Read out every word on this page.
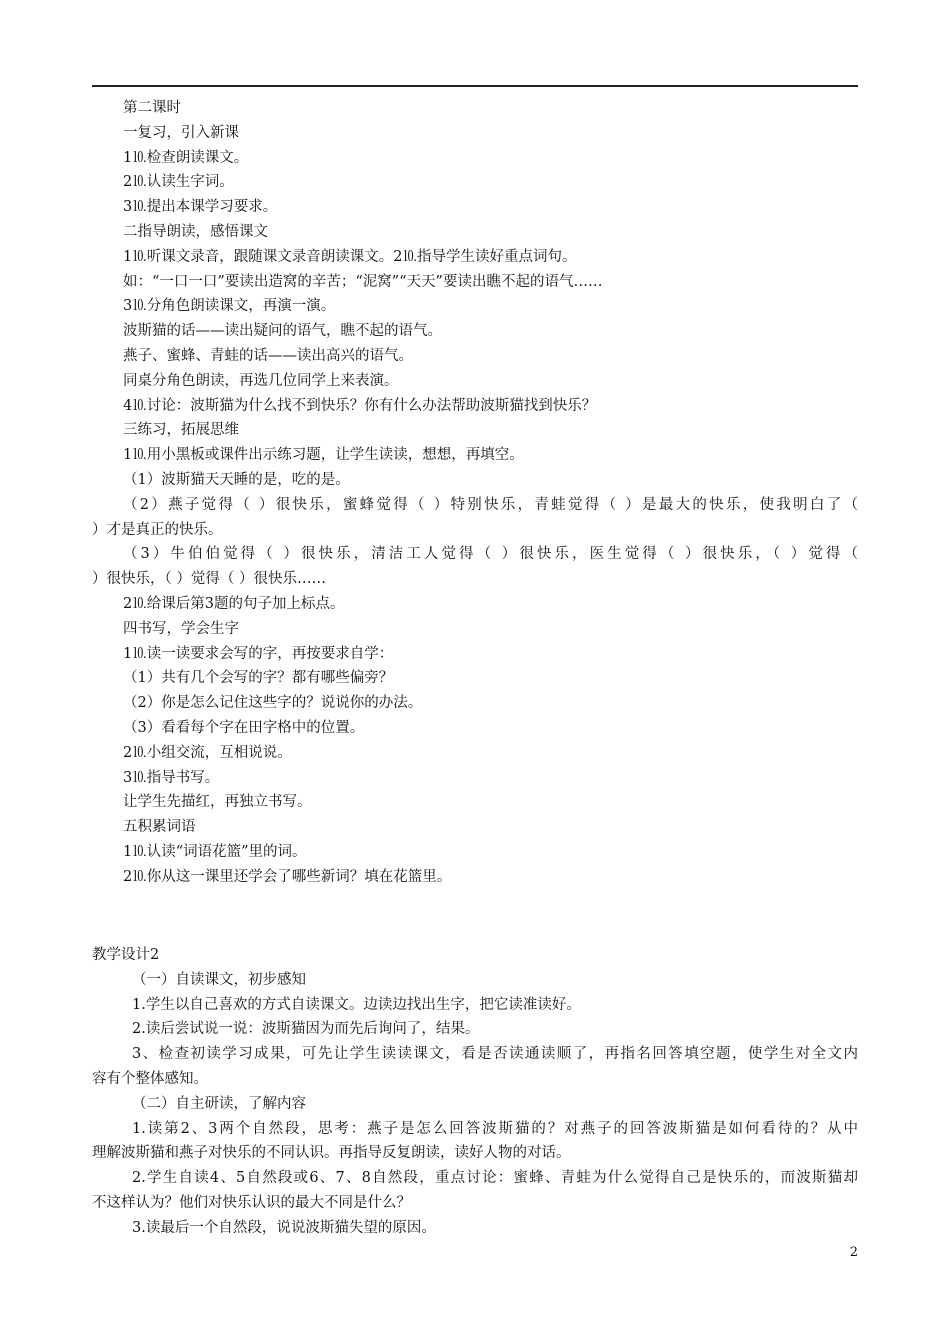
第二课时
一复习，引入新课
1⒑检查朗读课文。
2⒑认读生字词。
3⒑提出本课学习要求。
二指导朗读，感悟课文
1⒑听课文录音，跟随课文录音朗读课文。2⒑指导学生读好重点词句。
如：“一口一口”要读出造窝的辛苦；“泥窝”“天天”要读出瞧不起的语气……
3⒑分角色朗读课文，再演一演。
波斯猫的话——读出疑问的语气，瞧不起的语气。
燕子、蜜蜂、青蛙的话——读出高兴的语气。
同桌分角色朗读，再选几位同学上来表演。
4⒑讨论：波斯猫为什么找不到快乐？你有什么办法帮助波斯猫找到快乐？
三练习，拓展思维
1⒑用小黑板或课件出示练习题，让学生读读，想想，再填空。
（1）波斯猫天天睡的是，吃的是。
（2）燕子觉得（ ）很快乐，蜜蜂觉得（ ）特别快乐，青蛙觉得（ ）是最大的快乐，使我明白了（
）才是真正的快乐。
（3）牛伯伯觉得（ ）很快乐，清洁工人觉得（ ）很快乐，医生觉得（ ）很快乐，（ ）觉得（
）很快乐，（ ）觉得（ ）很快乐……
2⒑给课后第3题的句子加上标点。
四书写，学会生字
1⒑读一读要求会写的字，再按要求自学：
（1）共有几个会写的字？都有哪些偏旁？
（2）你是怎么记住这些字的？说说你的办法。
（3）看看每个字在田字格中的位置。
2⒑小组交流，互相说说。
3⒑指导书写。
让学生先描红，再独立书写。
五积累词语
1⒑认读“词语花篮”里的词。
2⒑你从这一课里还学会了哪些新词？填在花篮里。
教学设计2
（一）自读课文，初步感知
1.学生以自己喜欢的方式自读课文。边读边找出生字，把它读准读好。
2.读后尝试说一说：波斯猫因为而先后询问了，结果。
3、检查初读学习成果，可先让学生读读课文，看是否读通读顺了，再指名回答填空题，使学生对全文内
容有个整体感知。
（二）自主研读，了解内容
1.读第2、3两个自然段，思考：燕子是怎么回答波斯猫的？对燕子的回答波斯猫是如何看待的？从中
理解波斯猫和燕子对快乐的不同认识。再指导反复朗读，读好人物的对话。
2.学生自读4、5自然段或6、7、8自然段，重点讨论：蜜蜂、青蛙为什么觉得自己是快乐的，而波斯猫却
不这样认为？他们对快乐认识的最大不同是什么？
3.读最后一个自然段，说说波斯猫失望的原因。
2
